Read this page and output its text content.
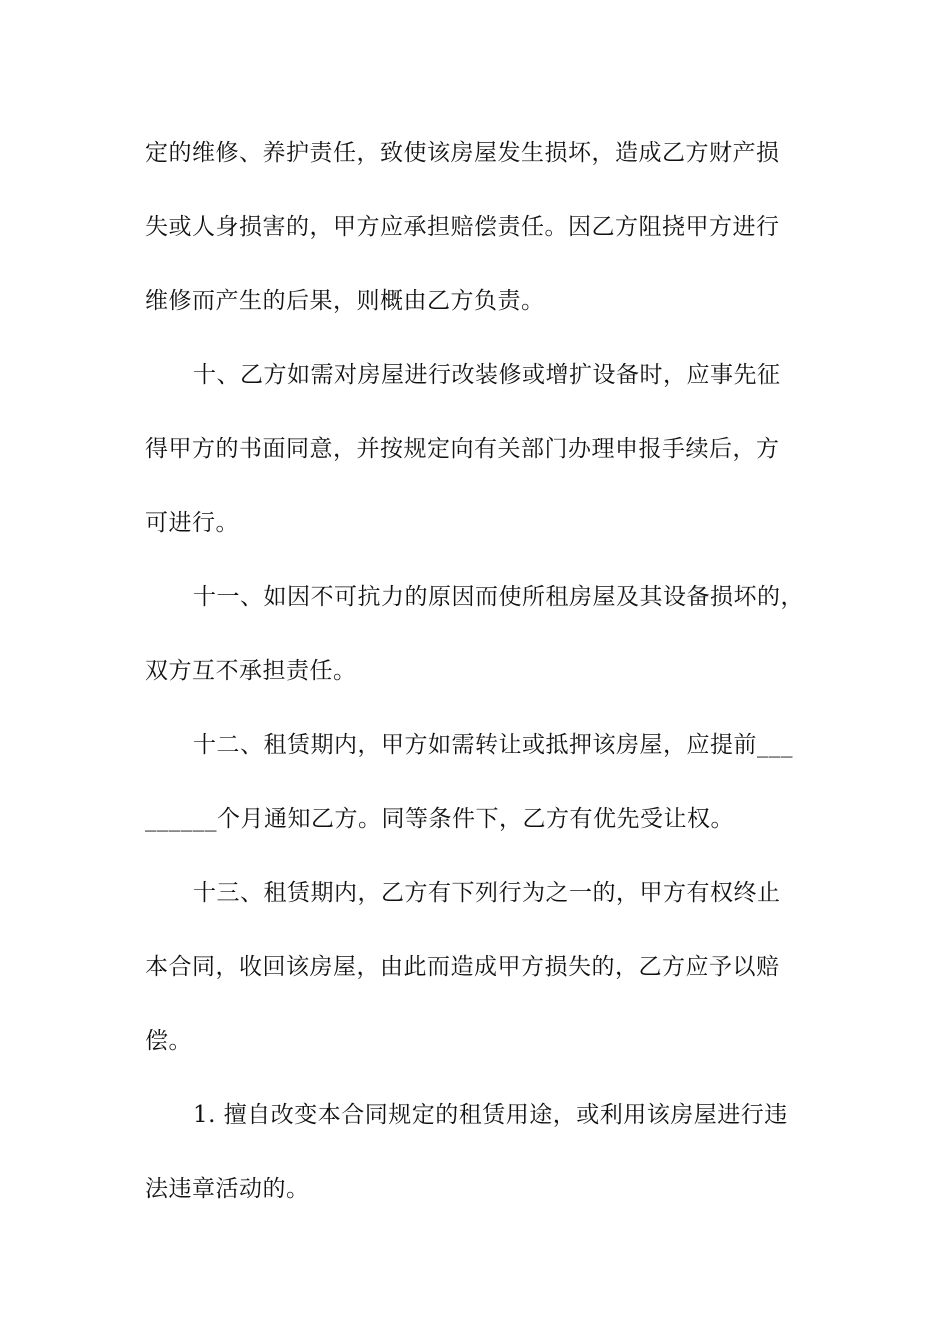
定的维修、养护责任，致使该房屋发生损坏，造成乙方财产损
失或人身损害的，甲方应承担赔偿责任。因乙方阻挠甲方进行
维修而产生的后果，则概由乙方负责。
十、乙方如需对房屋进行改装修或增扩设备时，应事先征
得甲方的书面同意，并按规定向有关部门办理申报手续后，方
可进行。
十一、如因不可抗力的原因而使所租房屋及其设备损坏的，
双方互不承担责任。
十二、租赁期内，甲方如需转让或抵押该房屋，应提前___
______个月通知乙方。同等条件下，乙方有优先受让权。
十三、租赁期内，乙方有下列行为之一的，甲方有权终止
本合同，收回该房屋，由此而造成甲方损失的，乙方应予以赔
偿。
1. 擅自改变本合同规定的租赁用途，或利用该房屋进行违
法违章活动的。
